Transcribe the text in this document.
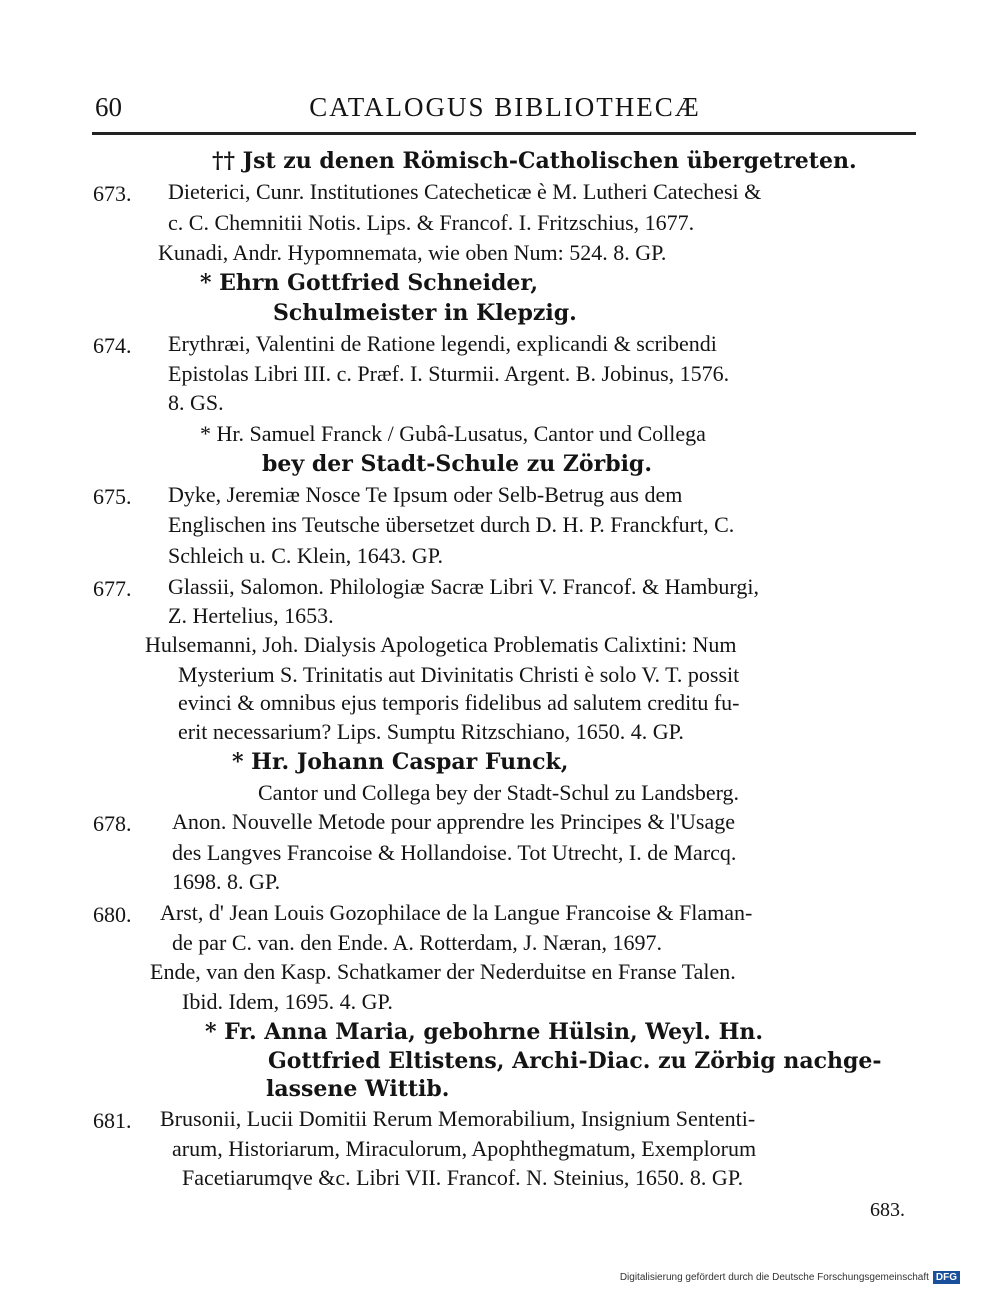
60	CATALOGUS BIBLIOTHECÆ
673.
674.
675.
677.
678.
680.
681.
†† Jst zu denen Römisch-Catholischen übergetreten.
Dieterici, Cunr. Institutiones Catecheticæ è M. Lutheri Catechesi &
c. C. Chemnitii Notis. Lips. & Francof. I. Fritzschius, 1677.
Kunadi, Andr. Hypomnemata, wie oben Num: 524. 8. GP.
* Ehrn Gottfried Schneider,
Schulmeister in Klepzig.
Erythræi, Valentini de Ratione legendi, explicandi & scribendi
Epistolas Libri III. c. Præf. I. Sturmii. Argent. B. Jobinus, 1576.
8. GS.
* Hr. Samuel Franck / Gubâ-Lusatus, Cantor und Collega
bey der Stadt-Schule zu Zörbig.
Dyke, Jeremiæ Nosce Te Ipsum oder Selb-Betrug aus dem
Englischen ins Teutsche übersetzet durch D. H. P. Franckfurt, C.
Schleich u. C. Klein, 1643. GP.
Glassii, Salomon. Philologiæ Sacræ Libri V. Francof. & Hamburgi,
Z. Hertelius, 1653.
Hulsemanni, Joh. Dialysis Apologetica Problematis Calixtini: Num
Mysterium S. Trinitatis aut Divinitatis Christi è solo V. T. possit
evinci & omnibus ejus temporis fidelibus ad salutem creditu fu-
erit necessarium? Lips. Sumptu Ritzschiano, 1650. 4. GP.
* Hr. Johann Caspar Funck,
Cantor und Collega bey der Stadt-Schul zu Landsberg.
Anon. Nouvelle Metode pour apprendre les Principes & l'Usage
des Langves Francoise & Hollandoise. Tot Utrecht, I. de Marcq.
1698. 8. GP.
Arst, d' Jean Louis Gozophilace de la Langue Francoise & Flaman-
de par C. van. den Ende. A. Rotterdam, J. Næran, 1697.
Ende, van den Kasp. Schatkamer der Nederduitse en Franse Talen.
Ibid. Idem, 1695. 4. GP.
* Fr. Anna Maria, gebohrne Hülsin, Weyl. Hn.
Gottfried Eltistens, Archi-Diac. zu Zörbig nachge-
lassene Wittib.
Brusonii, Lucii Domitii Rerum Memorabilium, Insignium Sententi-
arum, Historiarum, Miraculorum, Apophthegmatum, Exemplorum
Facetiarumqve &c. Libri VII. Francof. N. Steinius, 1650. 8. GP.
683.
Digitalisierung gefördert durch die Deutsche Forschungsgemeinschaft DFG
